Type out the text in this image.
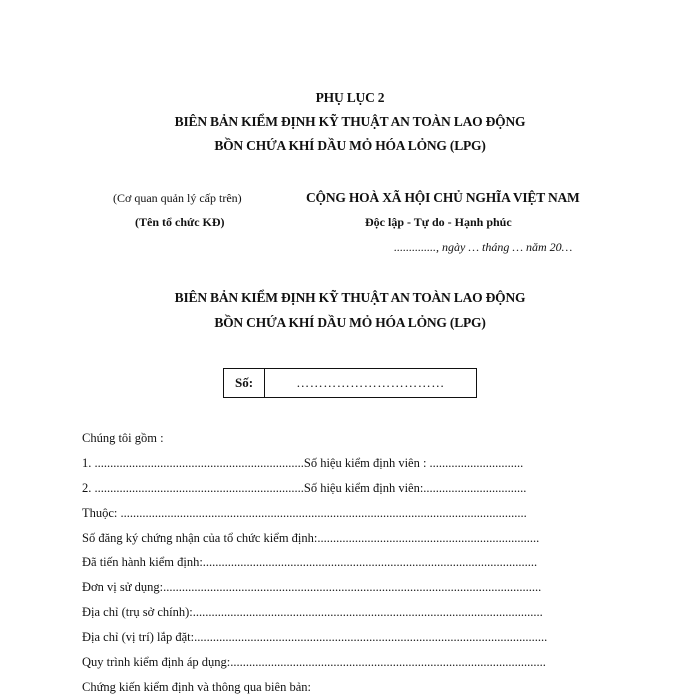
PHỤ LỤC 2
BIÊN BẢN KIỂM ĐỊNH KỸ THUẬT AN TOÀN LAO ĐỘNG
BỒN CHỨA KHÍ DẦU MỎ HÓA LỎNG (LPG)
(Cơ quan quản lý cấp trên)
(Tên tổ chức KĐ)
CỘNG HOÀ XÃ HỘI CHỦ NGHĨA VIỆT NAM
Độc lập - Tự do - Hạnh phúc
.............., ngày … tháng … năm 20…
BIÊN BẢN KIỂM ĐỊNH KỸ THUẬT AN TOÀN LAO ĐỘNG
BỒN CHỨA KHÍ DẦU MỎ HÓA LỎNG (LPG)
Số:	……………………………
Chúng tôi gồm :
1. ...................................................................Số hiệu kiểm định viên : ..............................
2. ...................................................................Số hiệu kiểm định viên:.................................
Thuộc: ..................................................................................................................................
Số đăng ký chứng nhận của tổ chức kiểm định:.......................................................................
Đã tiến hành kiểm định:...........................................................................................................
Đơn vị sử dụng:.........................................................................................................................
Địa chỉ (trụ sở chính):................................................................................................................
Địa chỉ (vị trí) lắp đặt:.................................................................................................................
Quy trình kiểm định áp dụng:.....................................................................................................
Chứng kiến kiểm định và thông qua biên bản:
